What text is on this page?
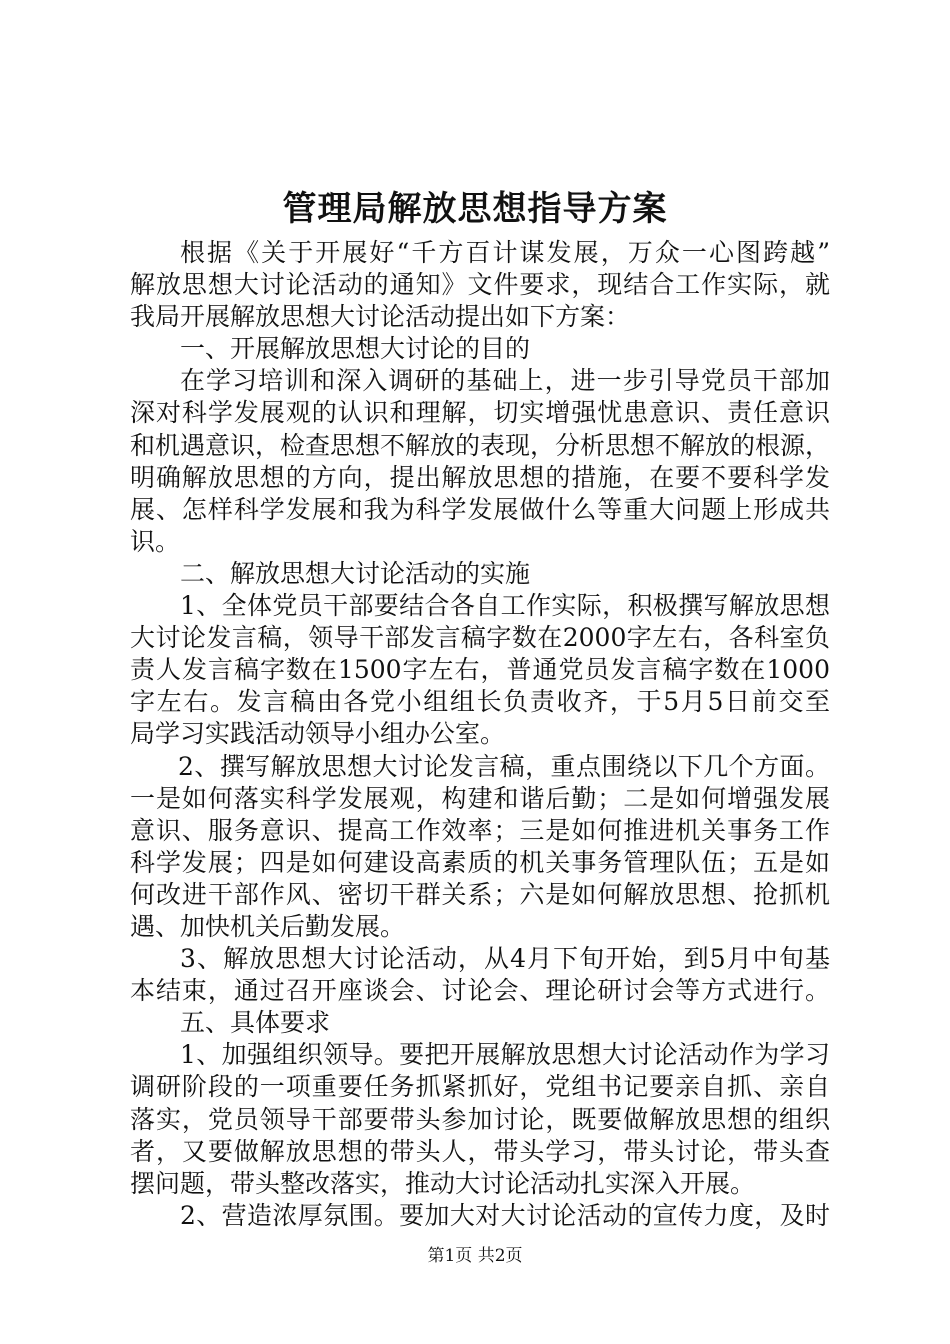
管理局解放思想指导方案
根据《关于开展好“千方百计谋发展，万众一心图跨越”
解放思想大讨论活动的通知》文件要求，现结合工作实际，就
我局开展解放思想大讨论活动提出如下方案：
一、开展解放思想大讨论的目的
在学习培训和深入调研的基础上，进一步引导党员干部加
深对科学发展观的认识和理解，切实增强忧患意识、责任意识
和机遇意识，检查思想不解放的表现，分析思想不解放的根源，
明确解放思想的方向，提出解放思想的措施，在要不要科学发
展、怎样科学发展和我为科学发展做什么等重大问题上形成共
识。
二、解放思想大讨论活动的实施
1、全体党员干部要结合各自工作实际，积极撰写解放思想
大讨论发言稿，领导干部发言稿字数在2000字左右，各科室负
责人发言稿字数在1500字左右，普通党员发言稿字数在1000
字左右。发言稿由各党小组组长负责收齐，于5月5日前交至
局学习实践活动领导小组办公室。
2、撰写解放思想大讨论发言稿，重点围绕以下几个方面。
一是如何落实科学发展观，构建和谐后勤；二是如何增强发展
意识、服务意识、提高工作效率；三是如何推进机关事务工作
科学发展；四是如何建设高素质的机关事务管理队伍；五是如
何改进干部作风、密切干群关系；六是如何解放思想、抢抓机
遇、加快机关后勤发展。
3、解放思想大讨论活动，从4月下旬开始，到5月中旬基
本结束，通过召开座谈会、讨论会、理论研讨会等方式进行。
五、具体要求
1、加强组织领导。要把开展解放思想大讨论活动作为学习
调研阶段的一项重要任务抓紧抓好，党组书记要亲自抓、亲自
落实，党员领导干部要带头参加讨论，既要做解放思想的组织
者，又要做解放思想的带头人，带头学习，带头讨论，带头查
摆问题，带头整改落实，推动大讨论活动扎实深入开展。
2、营造浓厚氛围。要加大对大讨论活动的宣传力度，及时
第1页 共2页
